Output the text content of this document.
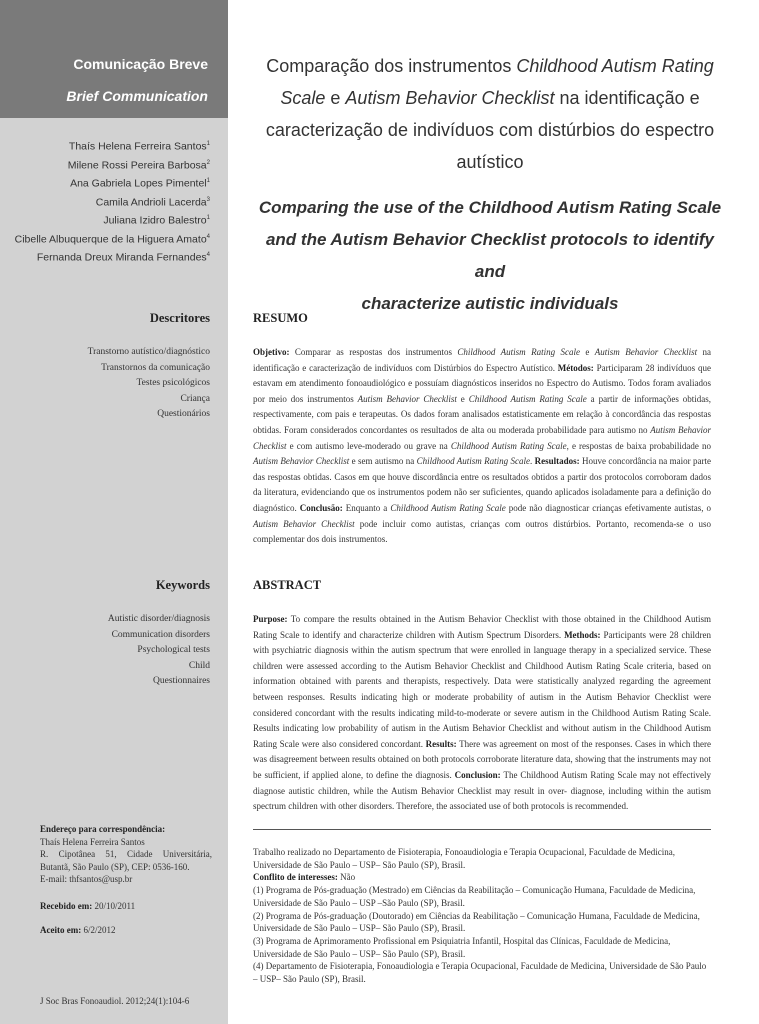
Comunicação Breve
Brief Communication
Thaís Helena Ferreira Santos$^1$
Milene Rossi Pereira Barbosa$^2$
Ana Gabriela Lopes Pimentel$^1$
Camila Andrioli Lacerda$^3$
Juliana Izidro Balestro$^1$
Cibelle Albuquerque de la Higuera Amato$^4$
Fernanda Dreux Miranda Fernandes$^4$
Descritores
Transtorno autístico/diagnóstico
Transtornos da comunicação
Testes psicológicos
Criança
Questionários
Keywords
Autistic disorder/diagnosis
Communication disorders
Psychological tests
Child
Questionnaires
Endereço para correspondência:
Thaís Helena Ferreira Santos
R. Cipotânea 51, Cidade Universitária, Butantã, São Paulo (SP), CEP: 0536-160.
E-mail: thfsantos@usp.br
Recebido em: 20/10/2011
Aceito em: 6/2/2012
J Soc Bras Fonoaudiol. 2012;24(1):104-6
Comparação dos instrumentos Childhood Autism Rating
Scale e Autism Behavior Checklist na identificação e
caracterização de indivíduos com distúrbios do espectro
autístico
Comparing the use of the Childhood Autism Rating Scale
and the Autism Behavior Checklist protocols to identify and
characterize autistic individuals
RESUMO
Objetivo: Comparar as respostas dos instrumentos Childhood Autism Rating Scale e Autism Behavior Checklist na identificação e caracterização de indivíduos com Distúrbios do Espectro Autístico. Métodos: Participaram 28 indivíduos que estavam em atendimento fonoaudiológico e possuíam diagnósticos inseridos no Espectro do Autismo. Todos foram avaliados por meio dos instrumentos Autism Behavior Checklist e Childhood Autism Rating Scale a partir de informações obtidas, respectivamente, com pais e terapeutas. Os dados foram analisados estatisticamente em relação à concordância das respostas obtidas. Foram considerados concordantes os resultados de alta ou moderada probabilidade para autismo no Autism Behavior Checklist e com autismo leve-moderado ou grave na Childhood Autism Rating Scale, e respostas de baixa probabilidade no Autism Behavior Checklist e sem autismo na Childhood Autism Rating Scale. Resultados: Houve concordância na maior parte das respostas obtidas. Casos em que houve discordância entre os resultados obtidos a partir dos protocolos corroboram dados da literatura, evidenciando que os instrumentos podem não ser suficientes, quando aplicados isoladamente para a definição do diagnóstico. Conclusão: Enquanto a Childhood Autism Rating Scale pode não diagnosticar crianças efetivamente autistas, o Autism Behavior Checklist pode incluir como autistas, crianças com outros distúrbios. Portanto, recomenda-se o uso complementar dos dois instrumentos.
ABSTRACT
Purpose: To compare the results obtained in the Autism Behavior Checklist with those obtained in the Childhood Autism Rating Scale to identify and characterize children with Autism Spectrum Disorders. Methods: Participants were 28 children with psychiatric diagnosis within the autism spectrum that were enrolled in language therapy in a specialized service. These children were assessed according to the Autism Behavior Checklist and Childhood Autism Rating Scale criteria, based on information obtained with parents and therapists, respectively. Data were statistically analyzed regarding the agreement between responses. Results indicating high or moderate probability of autism in the Autism Behavior Checklist were considered concordant with the results indicating mild-to-moderate or severe autism in the Childhood Autism Rating Scale. Results indicating low probability of autism in the Autism Behavior Checklist and without autism in the Childhood Autism Rating Scale were also considered concordant. Results: There was agreement on most of the responses. Cases in which there was disagreement between results obtained on both protocols corroborate literature data, showing that the instruments may not be sufficient, if applied alone, to define the diagnosis. Conclusion: The Childhood Autism Rating Scale may not effectively diagnose autistic children, while the Autism Behavior Checklist may result in over- diagnose, including within the autism spectrum children with other disorders. Therefore, the associated use of both protocols is recommended.
Trabalho realizado no Departamento de Fisioterapia, Fonoaudiologia e Terapia Ocupacional, Faculdade de Medicina, Universidade de São Paulo – USP– São Paulo (SP), Brasil.
Conflito de interesses: Não
(1) Programa de Pós-graduação (Mestrado) em Ciências da Reabilitação – Comunicação Humana, Faculdade de Medicina, Universidade de São Paulo – USP –São Paulo (SP), Brasil.
(2) Programa de Pós-graduação (Doutorado) em Ciências da Reabilitação – Comunicação Humana, Faculdade de Medicina, Universidade de São Paulo – USP– São Paulo (SP), Brasil.
(3) Programa de Aprimoramento Profissional em Psiquiatria Infantil, Hospital das Clínicas, Faculdade de Medicina, Universidade de São Paulo – USP– São Paulo (SP), Brasil.
(4) Departamento de Fisioterapia, Fonoaudiologia e Terapia Ocupacional, Faculdade de Medicina, Universidade de São Paulo – USP– São Paulo (SP), Brasil.
